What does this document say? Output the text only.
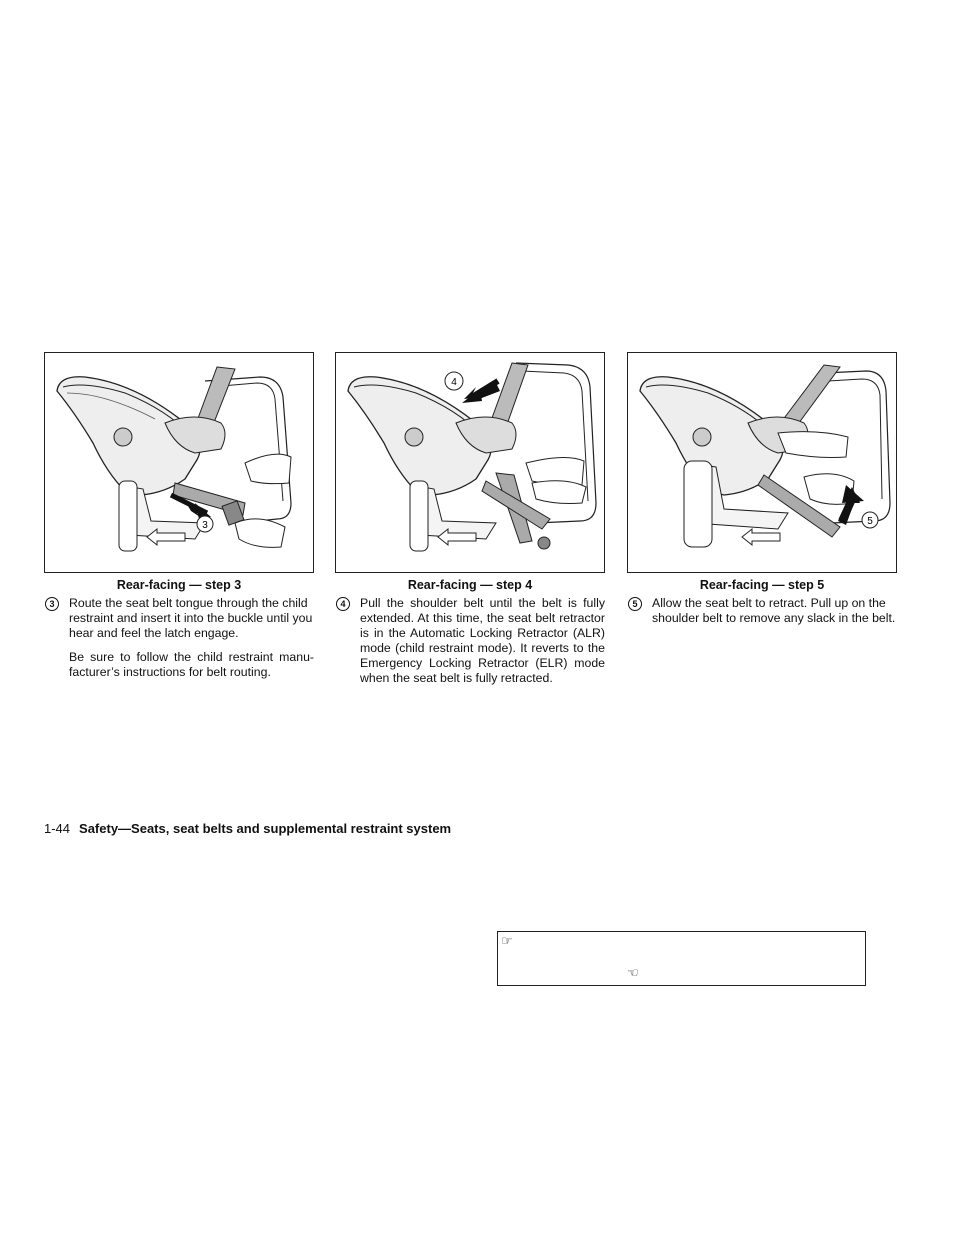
3
Rear-facing — step 3
3	Route the seat belt tongue through the child restraint and insert it into the buckle until you hear and feel the latch engage.
Be sure to follow the child restraint manu-facturer’s instructions for belt routing.
4
Rear-facing — step 4
4	Pull the shoulder belt until the belt is fully extended. At this time, the seat belt retractor is in the Automatic Locking Retractor (ALR) mode (child restraint mode). It reverts to the Emergency Locking Retractor (ELR) mode when the seat belt is fully retracted.
5
Rear-facing — step 5
5	Allow the seat belt to retract. Pull up on the shoulder belt to remove any slack in the belt.
1-44 Safety—Seats, seat belts and supplemental restraint system
☞
☜
